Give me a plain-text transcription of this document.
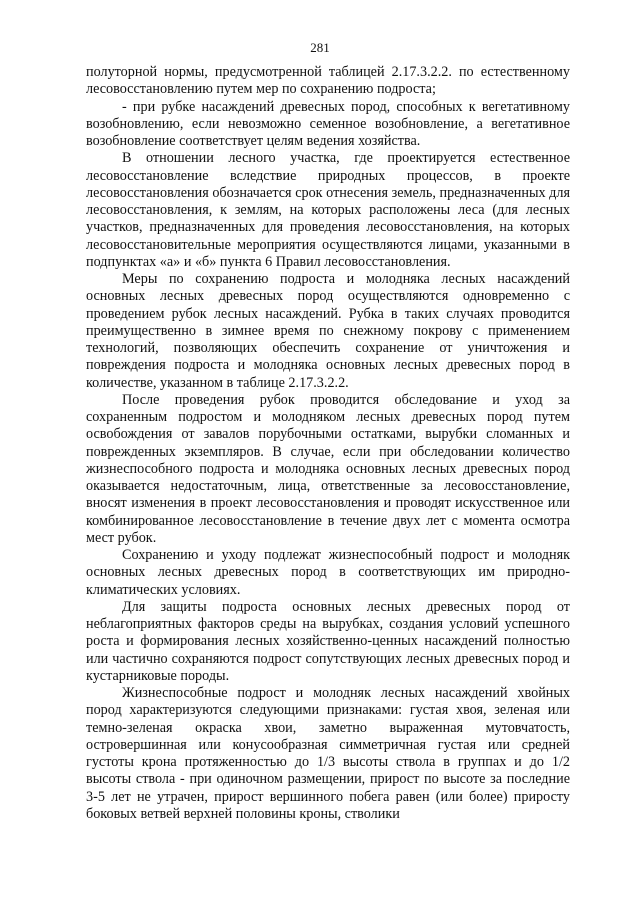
281

полуторной нормы, предусмотренной таблицей 2.17.3.2.2. по естественному лесовосстановлению путем мер по сохранению подроста;

- при рубке насаждений древесных пород, способных к вегетативному возобновлению, если невозможно семенное возобновление, а вегетативное возобновление соответствует целям ведения хозяйства.

В отношении лесного участка, где проектируется естественное лесовосстановление вследствие природных процессов, в проекте лесовосстановления обозначается срок отнесения земель, предназначенных для лесовосстановления, к землям, на которых расположены леса (для лесных участков, предназначенных для проведения лесовосстановления, на которых лесовосстановительные мероприятия осуществляются лицами, указанными в подпунктах «а» и «б» пункта 6 Правил лесовосстановления.

Меры по сохранению подроста и молодняка лесных насаждений основных лесных древесных пород осуществляются одновременно с проведением рубок лесных насаждений. Рубка в таких случаях проводится преимущественно в зимнее время по снежному покрову с применением технологий, позволяющих обеспечить сохранение от уничтожения и повреждения подроста и молодняка основных лесных древесных пород в количестве, указанном в таблице 2.17.3.2.2.

После проведения рубок проводится обследование и уход за сохраненным подростом и молодняком лесных древесных пород путем освобождения от завалов порубочными остатками, вырубки сломанных и поврежденных экземпляров. В случае, если при обследовании количество жизнеспособного подроста и молодняка основных лесных древесных пород оказывается недостаточным, лица, ответственные за лесовосстановление, вносят изменения в проект лесовосстановления и проводят искусственное или комбинированное лесовосстановление в течение двух лет с момента осмотра мест рубок.

Сохранению и уходу подлежат жизнеспособный подрост и молодняк основных лесных древесных пород в соответствующих им природно-климатических условиях.

Для защиты подроста основных лесных древесных пород от неблагоприятных факторов среды на вырубках, создания условий успешного роста и формирования лесных хозяйственно-ценных насаждений полностью или частично сохраняются подрост сопутствующих лесных древесных пород и кустарниковые породы.

Жизнеспособные подрост и молодняк лесных насаждений хвойных пород характеризуются следующими признаками: густая хвоя, зеленая или темно-зеленая окраска хвои, заметно выраженная мутовчатость, островершинная или конусообразная симметричная густая или средней густоты крона протяженностью до 1/3 высоты ствола в группах и до 1/2 высоты ствола - при одиночном размещении, прирост по высоте за последние 3-5 лет не утрачен, прирост вершинного побега равен (или более) приросту боковых ветвей верхней половины кроны, стволики
